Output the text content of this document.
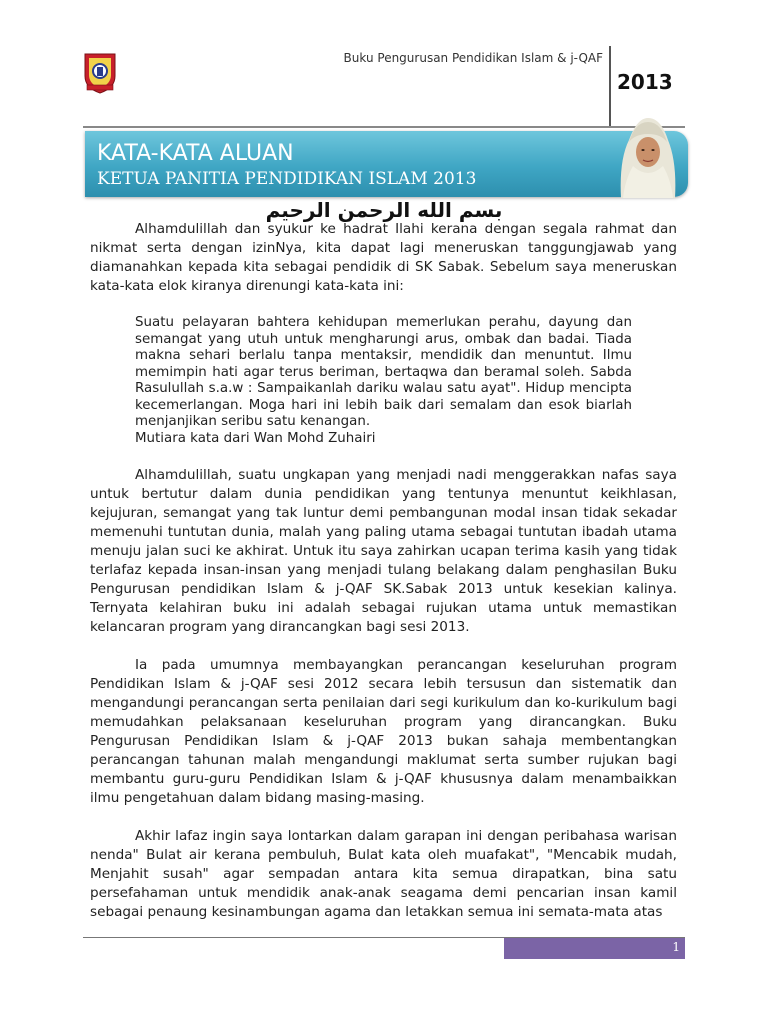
Buku Pengurusan Pendidikan Islam & j-QAF
2013
KATA-KATA ALUAN
KETUA PANITIA PENDIDIKAN ISLAM 2013
بسم الله الرحمن الرحيم

Alhamdulillah dan syukur ke hadrat Ilahi kerana dengan segala rahmat dan nikmat serta dengan izinNya, kita dapat lagi meneruskan tanggungjawab yang diamanahkan kepada kita sebagai pendidik di SK Sabak. Sebelum saya meneruskan kata-kata elok kiranya direnungi kata-kata ini:

Suatu pelayaran bahtera kehidupan memerlukan perahu, dayung dan semangat yang utuh untuk mengharungi arus, ombak dan badai. Tiada makna sehari berlalu tanpa mentaksir, mendidik dan menuntut. Ilmu memimpin hati agar terus beriman, bertaqwa dan beramal soleh. Sabda Rasulullah s.a.w : Sampaikanlah dariku walau satu ayat". Hidup mencipta kecemerlangan. Moga hari ini lebih baik dari semalam dan esok biarlah menjanjikan seribu satu kenangan.
Mutiara kata dari Wan Mohd Zuhairi

Alhamdulillah, suatu ungkapan yang menjadi nadi menggerakkan nafas saya untuk bertutur dalam dunia pendidikan yang tentunya menuntut keikhlasan, kejujuran, semangat yang tak luntur demi pembangunan modal insan tidak sekadar memenuhi tuntutan dunia, malah yang paling utama sebagai tuntutan ibadah utama menuju jalan suci ke akhirat. Untuk itu saya zahirkan ucapan terima kasih yang tidak terlafaz kepada insan-insan yang menjadi tulang belakang dalam penghasilan Buku Pengurusan pendidikan Islam & j-QAF SK.Sabak 2013 untuk kesekian kalinya. Ternyata kelahiran buku ini adalah sebagai rujukan utama untuk memastikan kelancaran program yang dirancangkan bagi sesi 2013.

Ia pada umumnya membayangkan perancangan keseluruhan program Pendidikan Islam & j-QAF sesi 2012 secara lebih tersusun dan sistematik dan mengandungi perancangan serta penilaian dari segi kurikulum dan ko-kurikulum bagi memudahkan pelaksanaan keseluruhan program yang dirancangkan. Buku Pengurusan Pendidikan Islam & j-QAF 2013 bukan sahaja membentangkan perancangan tahunan malah mengandungi maklumat serta sumber rujukan bagi membantu guru-guru Pendidikan Islam & j-QAF khususnya dalam menambaikkan ilmu pengetahuan dalam bidang masing-masing.

Akhir lafaz ingin saya lontarkan dalam garapan ini dengan peribahasa warisan nenda" Bulat air kerana pembuluh, Bulat kata oleh muafakat", "Mencabik mudah, Menjahit susah" agar sempadan antara kita semua dirapatkan, bina satu persefahaman untuk mendidik anak-anak seagama demi pencarian insan kamil sebagai penaung kesinambungan agama dan letakkan semua ini semata-mata atas

1
